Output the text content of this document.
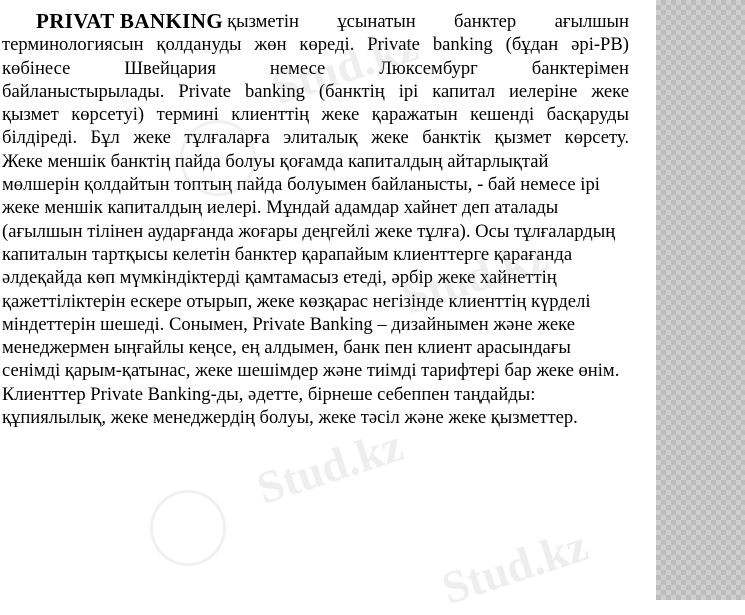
PRIVAT BANKING қызметін ұсынатын банктер ағылшын
терминологиясын қолдануды жөн көреді. Private banking (бұдан әрі-PB)
көбінесе Швейцария немесе Люксембург банктерімен
байланыстырылады. Private banking (банктің ірі капитал иелеріне жеке
қызмет көрсетуі) термині клиенттің жеке қаражатын кешенді басқаруды
білдіреді. Бұл жеке тұлғаларға элиталық жеке банктік қызмет көрсету.

Жеке меншік банктің пайда болуы қоғамда капиталдың айтарлықтай мөлшерін қолдайтын топтың пайда болуымен байланысты, - бай немесе ірі жеке меншік капиталдың иелері. Мұндай адамдар хайнет деп аталады (ағылшын тілінен аударғанда жоғары деңгейлі жеке тұлға). Осы тұлғалардың капиталын тартқысы келетін банктер қарапайым клиенттерге қарағанда әлдеқайда көп мүмкіндіктерді қамтамасыз етеді, әрбір жеке хайнеттің қажеттіліктерін ескере отырып, жеке көзқарас негізінде клиенттің күрделі міндеттерін шешеді. Сонымен, Private Banking – дизайнымен және жеке менеджермен ыңғайлы кеңсе, ең алдымен, банк пен клиент арасындағы сенімді қарым-қатынас, жеке шешімдер және тиімді тарифтері бар жеке өнім.

Клиенттер Private Banking-ды, әдетте, бірнеше себеппен таңдайды: құпиялылық, жеке менеджердің болуы, жеке тәсіл және жеке қызметтер.

Stud.kz
Stud.kz
Stud.kz
Stud.kz
